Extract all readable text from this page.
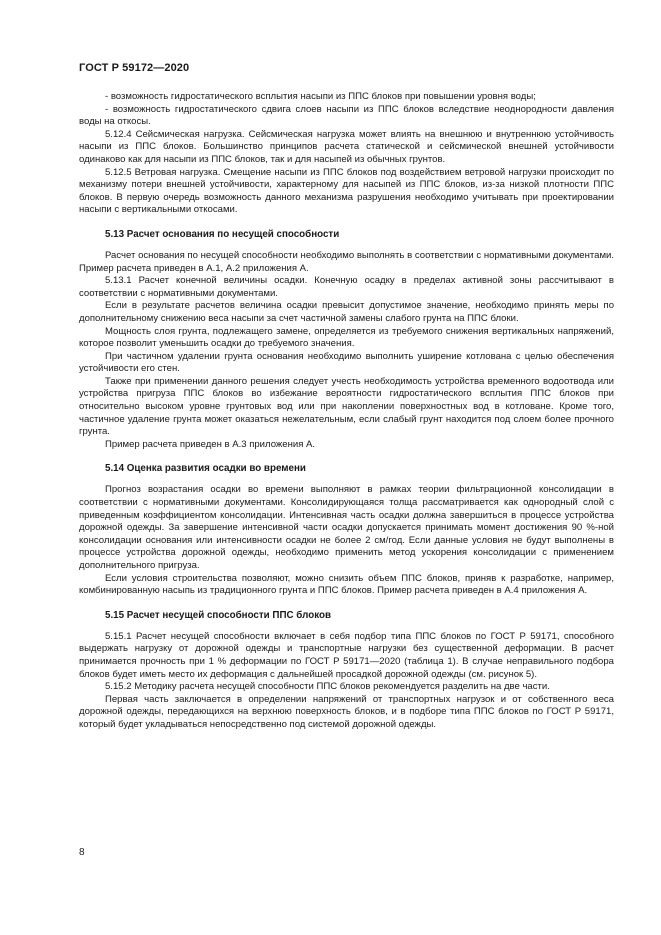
ГОСТ Р 59172—2020

- возможность гидростатического всплытия насыпи из ППС блоков при повышении уровня воды;

- возможность гидростатического сдвига слоев насыпи из ППС блоков вследствие неоднородности давления воды на откосы.

5.12.4 Сейсмическая нагрузка. Сейсмическая нагрузка может влиять на внешнюю и внутреннюю устойчивость насыпи из ППС блоков. Большинство принципов расчета статической и сейсмической внешней устойчивости одинаково как для насыпи из ППС блоков, так и для насыпей из обычных грунтов.

5.12.5 Ветровая нагрузка. Смещение насыпи из ППС блоков под воздействием ветровой нагрузки происходит по механизму потери внешней устойчивости, характерному для насыпей из ППС блоков, из-за низкой плотности ППС блоков. В первую очередь возможность данного механизма разрушения необходимо учитывать при проектировании насыпи с вертикальными откосами.

5.13 Расчет основания по несущей способности

Расчет основания по несущей способности необходимо выполнять в соответствии с нормативными документами. Пример расчета приведен в А.1, А.2 приложения А.

5.13.1 Расчет конечной величины осадки. Конечную осадку в пределах активной зоны рассчитывают в соответствии с нормативными документами.

Если в результате расчетов величина осадки превысит допустимое значение, необходимо принять меры по дополнительному снижению веса насыпи за счет частичной замены слабого грунта на ППС блоки.

Мощность слоя грунта, подлежащего замене, определяется из требуемого снижения вертикальных напряжений, которое позволит уменьшить осадки до требуемого значения.

При частичном удалении грунта основания необходимо выполнить уширение котлована с целью обеспечения устойчивости его стен.

Также при применении данного решения следует учесть необходимость устройства временного водоотвода или устройства пригруза ППС блоков во избежание вероятности гидростатического всплытия ППС блоков при относительно высоком уровне грунтовых вод или при накоплении поверхностных вод в котловане. Кроме того, частичное удаление грунта может оказаться нежелательным, если слабый грунт находится под слоем более прочного грунта.

Пример расчета приведен в А.3 приложения А.

5.14 Оценка развития осадки во времени

Прогноз возрастания осадки во времени выполняют в рамках теории фильтрационной консолидации в соответствии с нормативными документами. Консолидирующаяся толща рассматривается как однородный слой с приведенным коэффициентом консолидации. Интенсивная часть осадки должна завершиться в процессе устройства дорожной одежды. За завершение интенсивной части осадки допускается принимать момент достижения 90 %-ной консолидации основания или интенсивности осадки не более 2 см/год. Если данные условия не будут выполнены в процессе устройства дорожной одежды, необходимо применить метод ускорения консолидации с применением дополнительного пригруза.

Если условия строительства позволяют, можно снизить объем ППС блоков, приняв к разработке, например, комбинированную насыпь из традиционного грунта и ППС блоков. Пример расчета приведен в А.4 приложения А.

5.15 Расчет несущей способности ППС блоков

5.15.1 Расчет несущей способности включает в себя подбор типа ППС блоков по ГОСТ Р 59171, способного выдержать нагрузку от дорожной одежды и транспортные нагрузки без существенной деформации. В расчет принимается прочность при 1 % деформации по ГОСТ Р 59171—2020 (таблица 1). В случае неправильного подбора блоков будет иметь место их деформация с дальнейшей просадкой дорожной одежды (см. рисунок 5).

5.15.2 Методику расчета несущей способности ППС блоков рекомендуется разделить на две части.

Первая часть заключается в определении напряжений от транспортных нагрузок и от собственного веса дорожной одежды, передающихся на верхнюю поверхность блоков, и в подборе типа ППС блоков по ГОСТ Р 59171, который будет укладываться непосредственно под системой дорожной одежды.

8
